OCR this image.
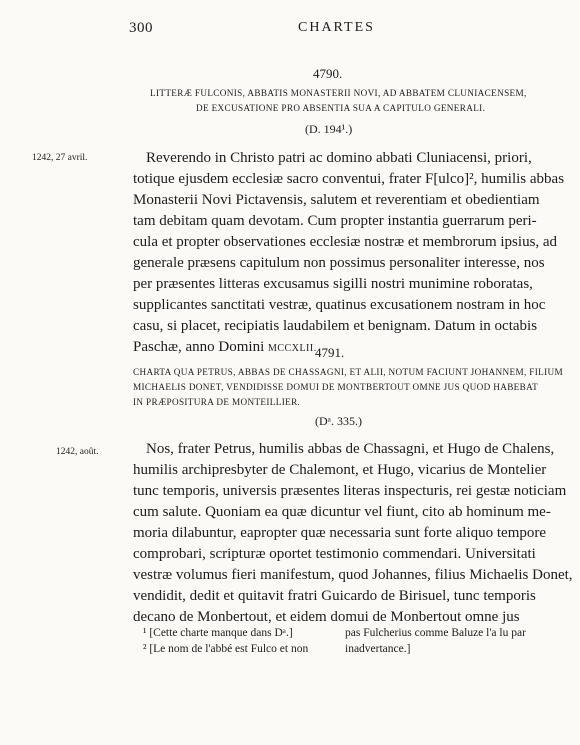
300	CHARTES
4790.
LITTERÆ FULCONIS, ABBATIS MONASTERII NOVI, AD ABBATEM CLUNIACENSEM,
DE EXCUSATIONE PRO ABSENTIA SUA A CAPITULO GENERALI.
(D. 194¹.)
1242, 27 avril.	Reverendo in Christo patri ac domino abbati Cluniacensi, priori,
totique ejusdem ecclesiæ sacro conventui, frater F[ulco]², humilis abbas
Monasterii Novi Pictavensis, salutem et reverentiam et obedientiam
tam debitam quam devotam. Cum propter instantia guerrarum peri-
cula et propter observationes ecclesiæ nostræ et membrorum ipsius, ad
generale præsens capitulum non possimus personaliter interesse, nos
per præsentes litteras excusamus sigilli nostri munimine roboratas,
supplicantes sanctitati vestræ, quatinus excusationem nostram in hoc
casu, si placet, recipiatis laudabilem et benignam. Datum in octabis
Paschæ, anno Domini MCCXLII.
4791.
CHARTA QUA PETRUS, ABBAS DE CHASSAGNI, ET ALII, NOTUM FACIUNT JOHANNEM, FILIUM
MICHAELIS DONET, VENDIDISSE DOMUI DE MONTBERTOUT OMNE JUS QUOD HABEBAT
IN PRÆPOSITURA DE MONTEILLIER.
(Dᵃ. 335.)
1242, août.	Nos, frater Petrus, humilis abbas de Chassagni, et Hugo de Chalens,
humilis archipresbyter de Chalemont, et Hugo, vicarius de Montelier
tunc temporis, universis præsentes literas inspecturis, rei gestæ noticiam
cum salute. Quoniam ea quæ dicuntur vel fiunt, cito ab hominum me-
moria dilabuntur, eapropter quæ necessaria sunt forte aliquo tempore
comprobari, scripturæ oportet testimonio commendari. Universitati
vestræ volumus fieri manifestum, quod Johannes, filius Michaelis Donet,
vendidit, dedit et quitavit fratri Guicardo de Birisuel, tunc temporis
decano de Monbertout, et eidem domui de Monbertout omne jus
¹ [Cette charte manque dans Dᵃ.]
² [Le nom de l'abbé est Fulco et non
pas Fulcherius comme Baluze l'a lu par
inadvertance.]
